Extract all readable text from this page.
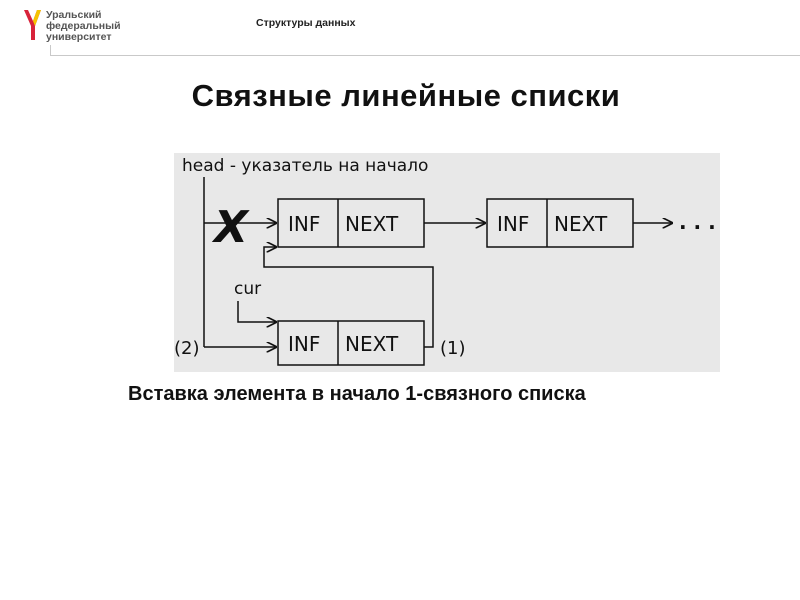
Уральский
федеральный
университет
Структуры данных
Связные линейные списки
head - указатель на начало
X INF NEXT	INF NEXT	. . .
cur
INF NEXT
(2)	(1)
Вставка элемента в начало 1-связного списка
